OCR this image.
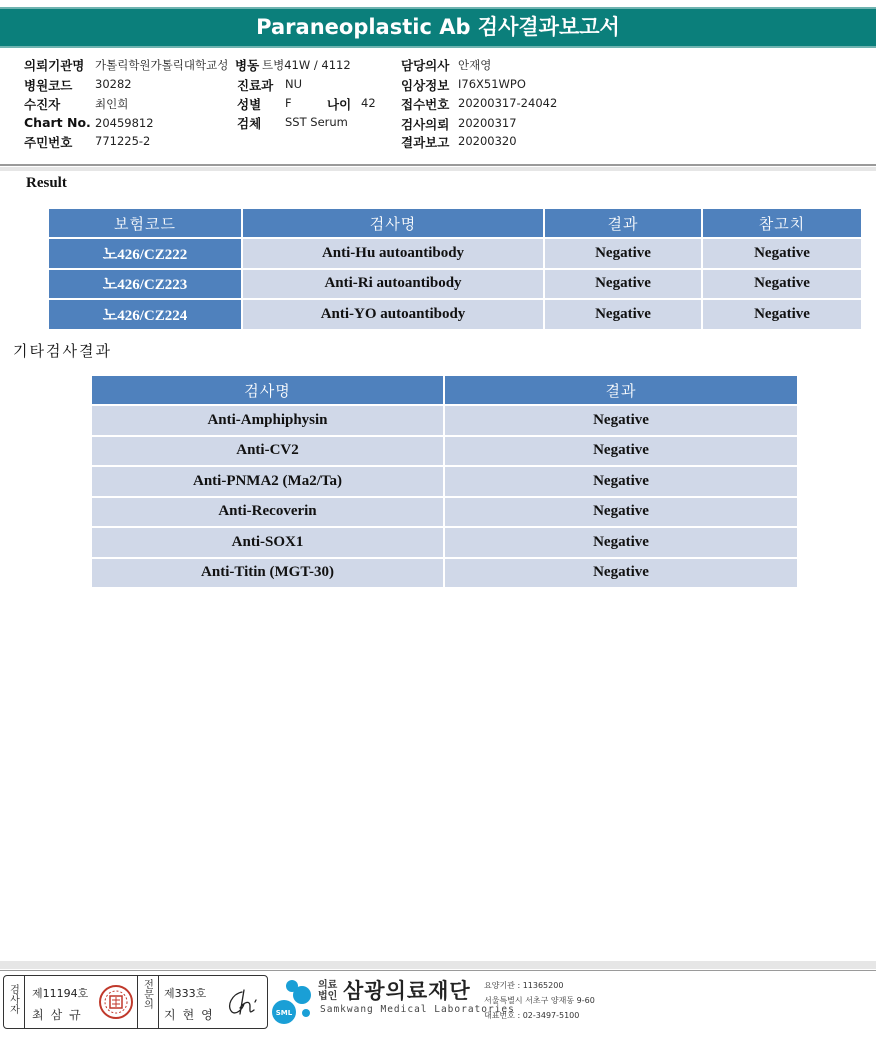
Paraneoplastic Ab 검사결과보고서
의뢰기관명 가톨릭학원가톨릭대학교성
병원코드 30282
수진자	최인희
Chart No. 20459812
주민번호 771225-2
병동 트병41W / 4112
진료과 NU
성별 F	나이 42
검체 SST Serum
담당의사 안재영
임상정보 I76X51WPO
접수번호 20200317-24042
검사의뢰 20200317
결과보고 20200320
Result
보험코드	검사명	결과	참고치
노426/CZ222	Anti-Hu autoantibody	Negative	Negative
노426/CZ223	Anti-Ri autoantibody	Negative	Negative
노426/CZ224	Anti-YO autoantibody	Negative	Negative
기타검사결과
검사명	결과
Anti-Amphiphysin	Negative
Anti-CV2	Negative
Anti-PNMA2 (Ma2/Ta)	Negative
Anti-Recoverin	Negative
Anti-SOX1	Negative
Anti-Titin (MGT-30)	Negative
검사자 제11194호
최삼규
전문의 제333호
지현영	SML
의료법인 삼광의료재단
Samkwang Medical Laboratories
요양기관 : 11365200
서울특별시 서초구 양재동 9-60
대표번호 : 02-3497-5100
